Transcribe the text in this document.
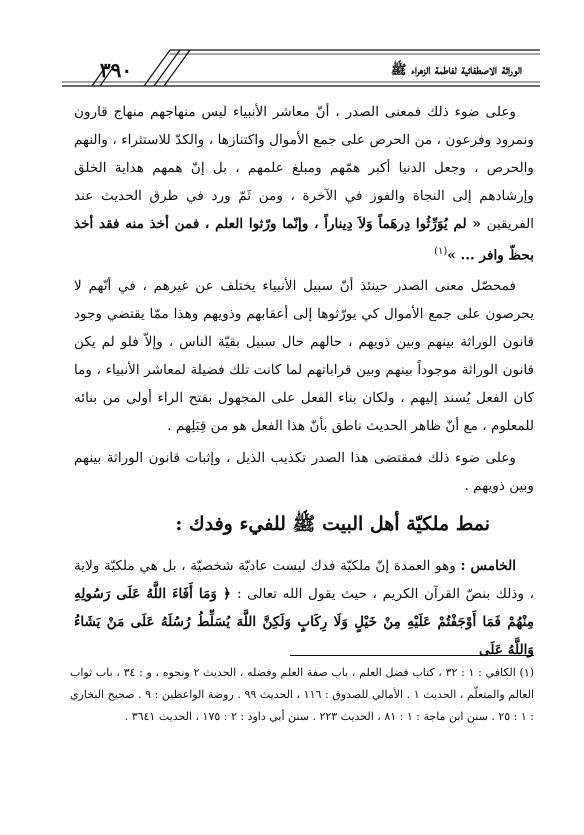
٣٩٠	الوراثة الاصطفائية لفاطمة الزهراء ﷺ

وعلى ضوء ذلك فمعنى الصدر ، أنّ معاشر الأنبياء ليس منهاجهم منهاج قارون ونمرود وفرعون ، من الحرص على جمع الأموال واكتنازها ، والكدّ للاستثراء ، والنهم والحرص ، وجعل الدنيا أكبر همّهم ومبلغ علمهم ، بل إنّ همهم هداية الخلق وإرشادهم إلى النجاة والفوز في الآخرة ، ومن ثَمّ ورد في طرق الحديث عند الفريقين « لم يُوَرِّثُوا دِرهَماً وَلاَ دِيناراً ، وإنّما ورّثوا العلم ، فمن أخذ منه فقد أخذ بحظّ وافر ... »$^{(١)}$

فمحصّل معنى الصدر حينئذ أنّ سبيل الأنبياء يختلف عن غيرهم ، في أنّهم لا يحرصون على جمع الأموال كي يورّثوها إلى أعقابهم وذويهم وهذا ممّا يقتضي وجود قانون الوراثة بينهم وبين ذويهم ، حالهم حال سبيل بقيّة الناس ، وإلاّ فلو لم يكن قانون الوراثة موجوداً بينهم وبين قراباتهم لما كانت تلك فضيلة لمعاشر الأنبياء ، وما كان الفعل يُسند إليهم ، ولكان بناء الفعل على المجهول بفتح الراء أولى من بنائه للمعلوم ، مع أنّ ظاهر الحديث ناطق بأنّ هذا الفعل هو من قِبَلِهم .

وعلى ضوء ذلك فمقتضى هذا الصدر تكذيب الذيل ، وإثبات قانون الوراثة بينهم وبين ذويهم .

نمط ملكيّة أهل البيت ﷺ للفيء وفدك :

الخامس : وهو العمدة إنّ ملكيّة فدك ليست عاديّة شخصيّة ، بل هي ملكيّة ولاية ، وذلك بنصّ القرآن الكريم ، حيث يقول الله تعالى : ﴿ وَمَا أَفَاءَ اللَّهُ عَلَى رَسُولِهِ مِنْهُمْ فَمَا أَوْجَفْتُمْ عَلَيْهِ مِنْ خَيْلٍ وَلَا رِكَابٍ وَلَكِنَّ اللَّهَ يُسَلِّطُ رُسُلَهُ عَلَى مَنْ يَشَاءُ وَاللَّهُ عَلَى

(١) الكافي : ١ : ٣٢ ، كتاب فضل العلم ، باب صفة العلم وفضله ، الحديث ٢ ونحوه ، و : ٣٤ ، باب ثواب العالم والمتعلّم ، الحديث ١ . الأمالي للصدوق : ١١٦ ، الحديث ٩٩ . روضة الواعظين : ٩ . صحيح البخاري : ١ : ٢٥ . سنن ابن ماجة : ١ : ٨١ ، الحديث ٢٢٣ . سنن أبي داود : ٢ : ١٧٥ ، الحديث ٣٦٤١ .
